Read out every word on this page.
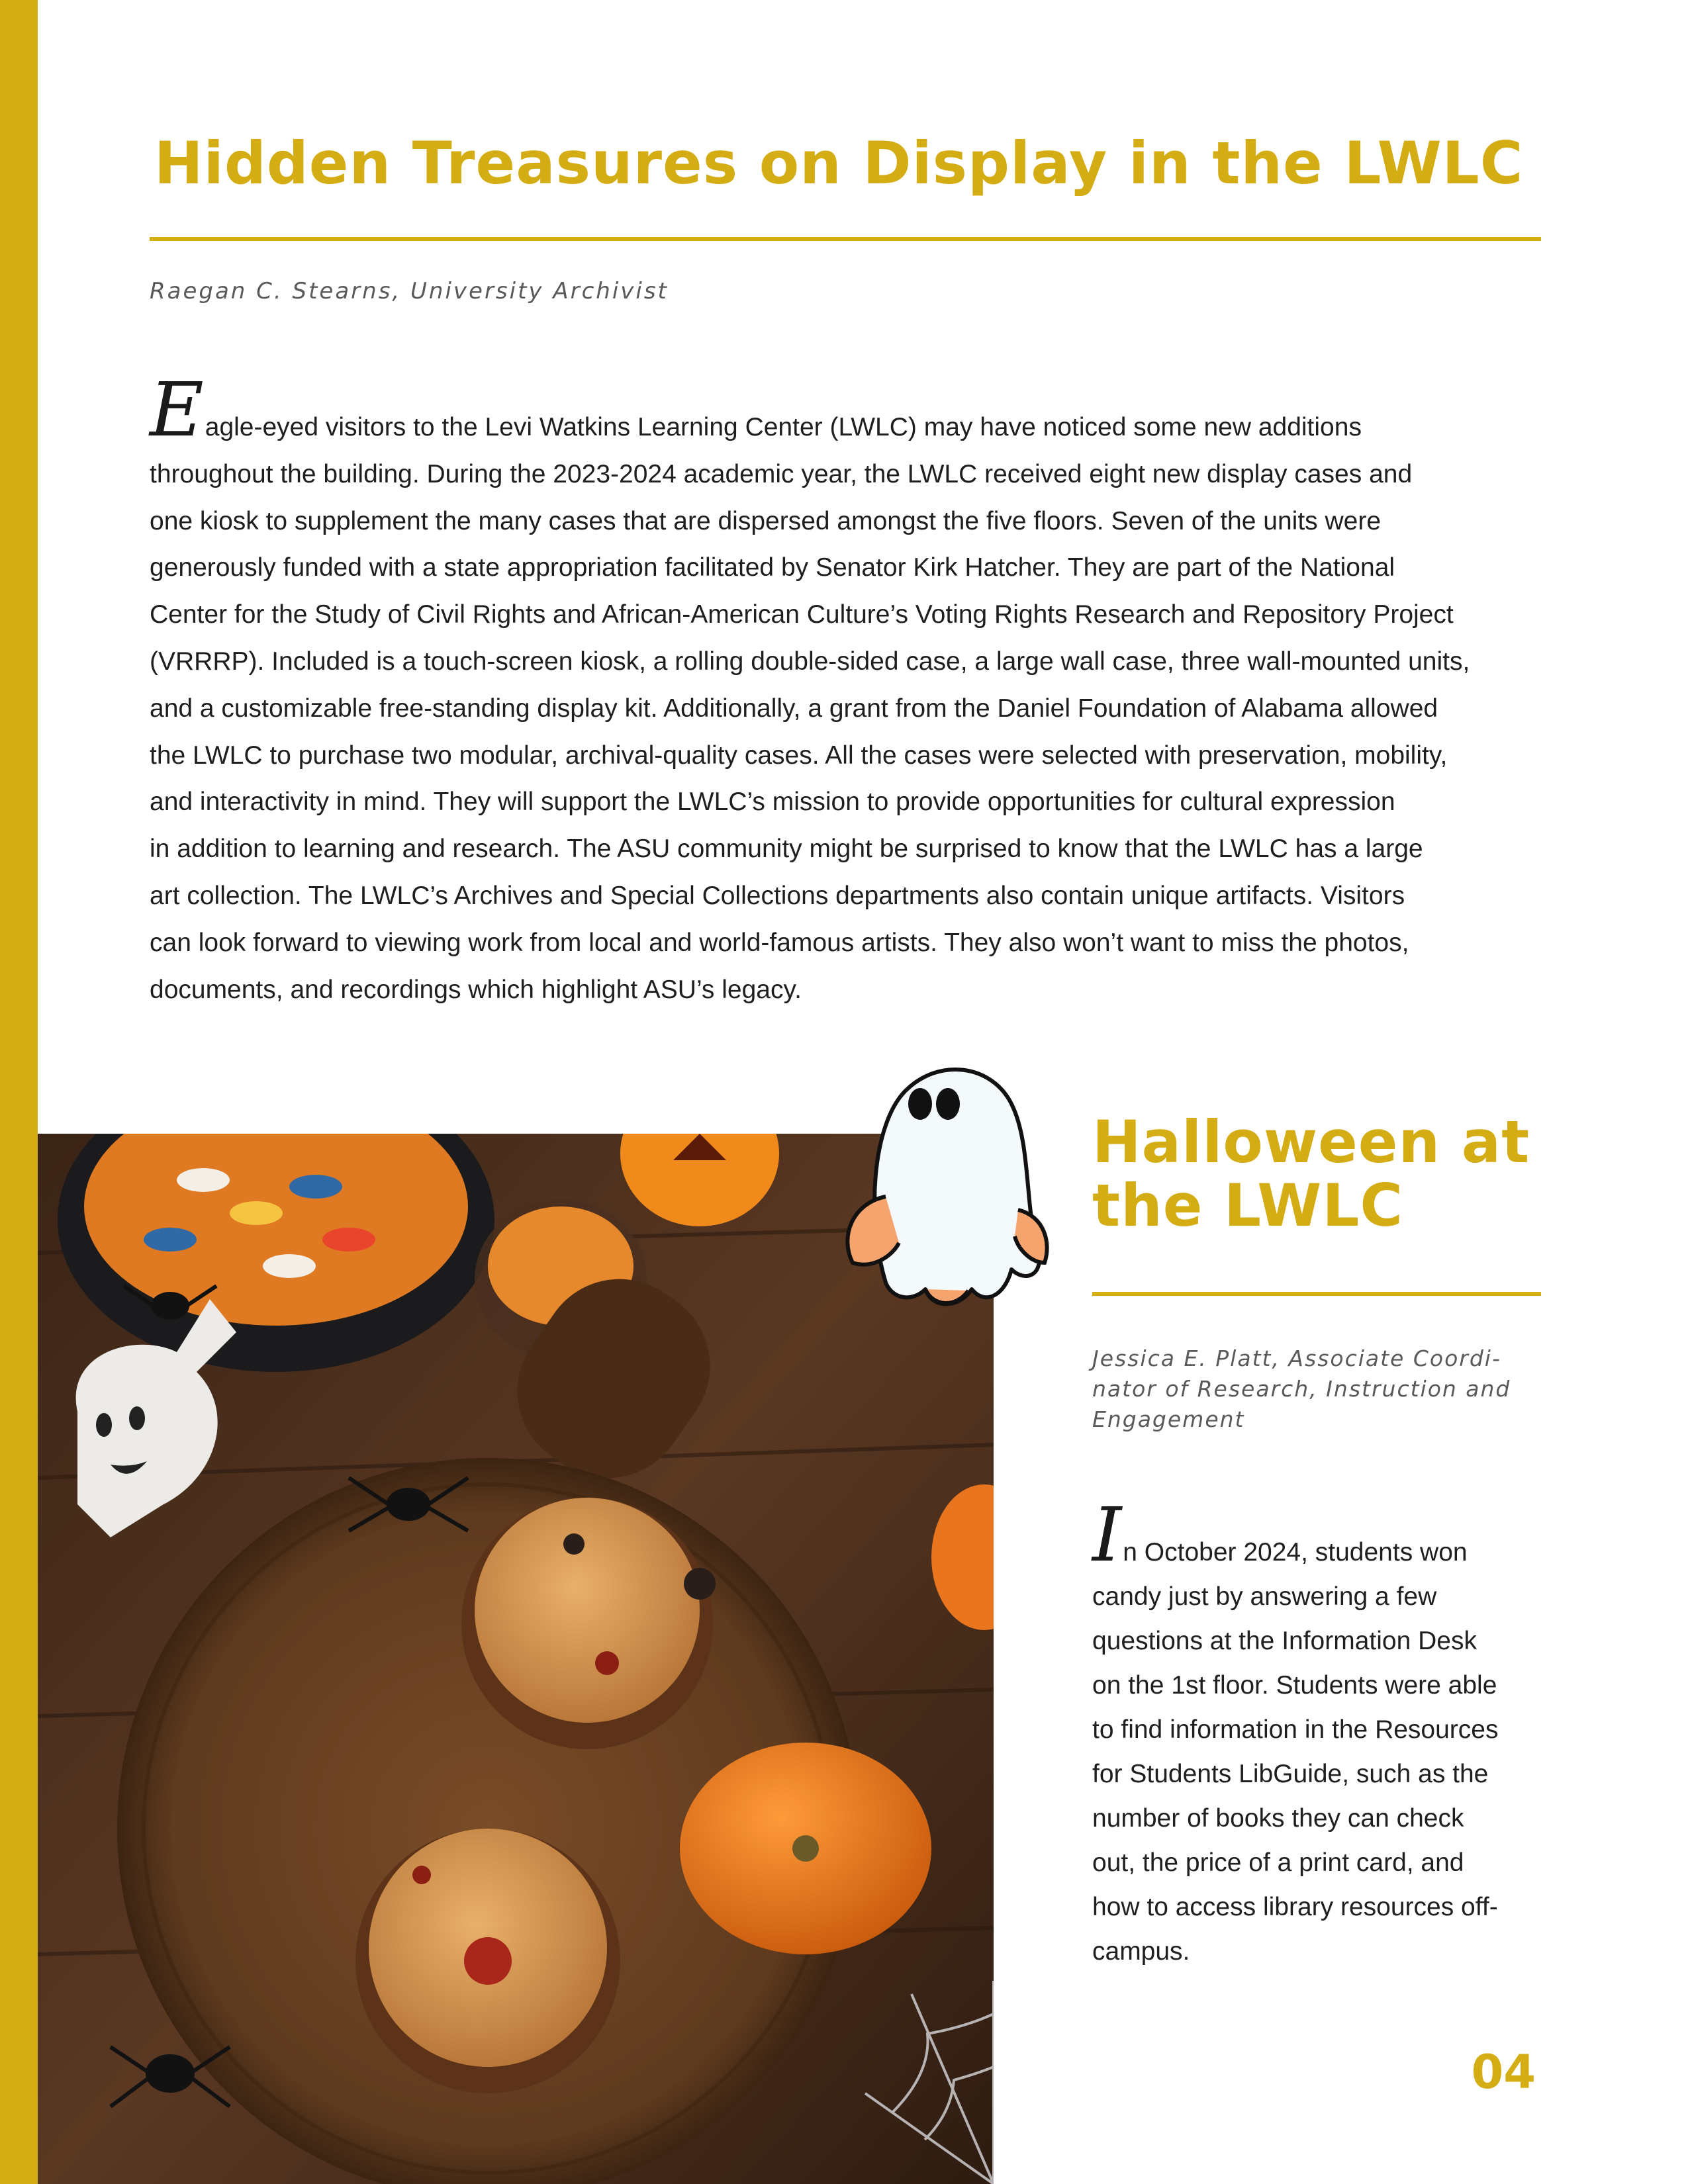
Hidden Treasures on Display in the LWLC
Raegan C. Stearns, University Archivist
Eagle-eyed visitors to the Levi Watkins Learning Center (LWLC) may have noticed some new additions
throughout the building. During the 2023-2024 academic year, the LWLC received eight new display cases and
one kiosk to supplement the many cases that are dispersed amongst the five floors. Seven of the units were
generously funded with a state appropriation facilitated by Senator Kirk Hatcher. They are part of the National
Center for the Study of Civil Rights and African-American Culture’s Voting Rights Research and Repository Project
(VRRRP). Included is a touch-screen kiosk, a rolling double-sided case, a large wall case, three wall-mounted units,
and a customizable free-standing display kit. Additionally, a grant from the Daniel Foundation of Alabama allowed
the LWLC to purchase two modular, archival-quality cases. All the cases were selected with preservation, mobility,
and interactivity in mind. They will support the LWLC’s mission to provide opportunities for cultural expression
in addition to learning and research. The ASU community might be surprised to know that the LWLC has a large
art collection. The LWLC’s Archives and Special Collections departments also contain unique artifacts. Visitors
can look forward to viewing work from local and world-famous artists. They also won’t want to miss the photos,
documents, and recordings which highlight ASU’s legacy.
Halloween at
the LWLC
Jessica E. Platt, Associate Coordi-
nator of Research, Instruction and
Engagement
In October 2024, students won
candy just by answering a few
questions at the Information Desk
on the 1st floor. Students were able
to find information in the Resources
for Students LibGuide, such as the
number of books they can check
out, the price of a print card, and
how to access library resources off-
campus.
04
